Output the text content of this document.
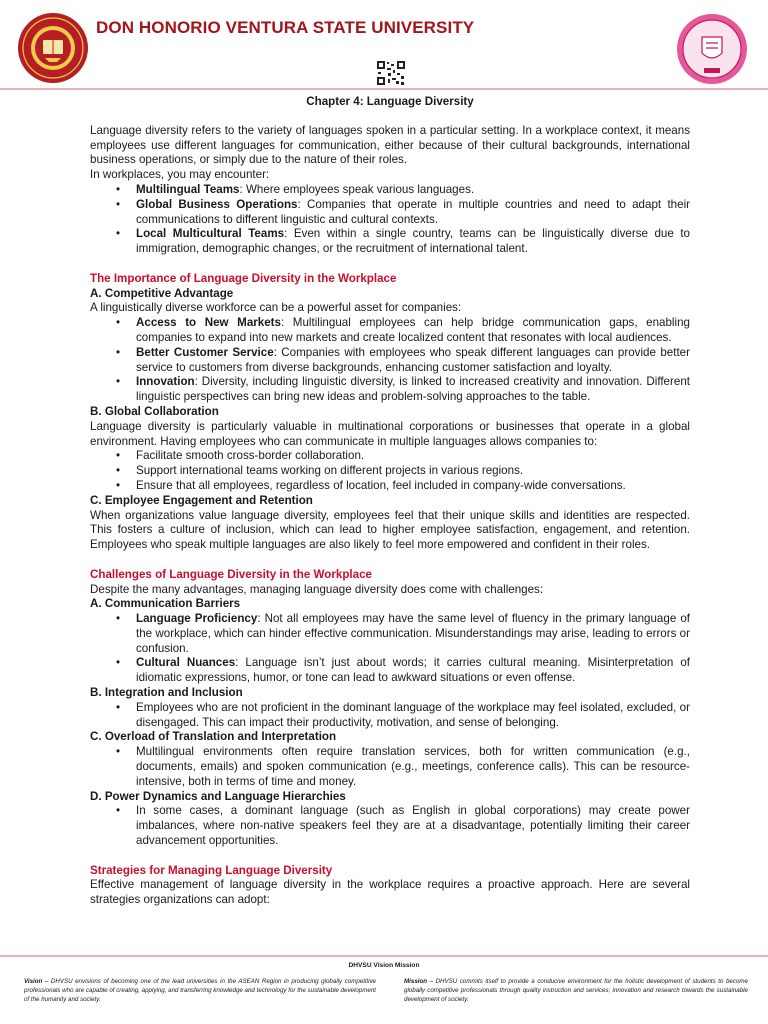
DON HONORIO VENTURA STATE UNIVERSITY
Chapter 4: Language Diversity

Language diversity refers to the variety of languages spoken in a particular setting. In a workplace context, it means employees use different languages for communication, either because of their cultural backgrounds, international business operations, or simply due to the nature of their roles.

In workplaces, you may encounter:

• Multilingual Teams: Where employees speak various languages.
• Global Business Operations: Companies that operate in multiple countries and need to adapt their communications to different linguistic and cultural contexts.
• Local Multicultural Teams: Even within a single country, teams can be linguistically diverse due to immigration, demographic changes, or the recruitment of international talent.

The Importance of Language Diversity in the Workplace

A. Competitive Advantage

A linguistically diverse workforce can be a powerful asset for companies:

• Access to New Markets: Multilingual employees can help bridge communication gaps, enabling companies to expand into new markets and create localized content that resonates with local audiences.
• Better Customer Service: Companies with employees who speak different languages can provide better service to customers from diverse backgrounds, enhancing customer satisfaction and loyalty.
• Innovation: Diversity, including linguistic diversity, is linked to increased creativity and innovation. Different linguistic perspectives can bring new ideas and problem-solving approaches to the table.

B. Global Collaboration

Language diversity is particularly valuable in multinational corporations or businesses that operate in a global environment. Having employees who can communicate in multiple languages allows companies to:

• Facilitate smooth cross-border collaboration.
• Support international teams working on different projects in various regions.
• Ensure that all employees, regardless of location, feel included in company-wide conversations.

C. Employee Engagement and Retention

When organizations value language diversity, employees feel that their unique skills and identities are respected. This fosters a culture of inclusion, which can lead to higher employee satisfaction, engagement, and retention. Employees who speak multiple languages are also likely to feel more empowered and confident in their roles.

Challenges of Language Diversity in the Workplace

Despite the many advantages, managing language diversity does come with challenges:

A. Communication Barriers

• Language Proficiency: Not all employees may have the same level of fluency in the primary language of the workplace, which can hinder effective communication. Misunderstandings may arise, leading to errors or confusion.
• Cultural Nuances: Language isn’t just about words; it carries cultural meaning. Misinterpretation of idiomatic expressions, humor, or tone can lead to awkward situations or even offense.

B. Integration and Inclusion

• Employees who are not proficient in the dominant language of the workplace may feel isolated, excluded, or disengaged. This can impact their productivity, motivation, and sense of belonging.

C. Overload of Translation and Interpretation

• Multilingual environments often require translation services, both for written communication (e.g., documents, emails) and spoken communication (e.g., meetings, conference calls). This can be resource-intensive, both in terms of time and money.

D. Power Dynamics and Language Hierarchies

• In some cases, a dominant language (such as English in global corporations) may create power imbalances, where non-native speakers feel they are at a disadvantage, potentially limiting their career advancement opportunities.

Strategies for Managing Language Diversity

Effective management of language diversity in the workplace requires a proactive approach. Here are several strategies organizations can adopt:

DHVSU Vision Mission
Vision – DHVSU envisions of becoming one of the lead universities in the ASEAN Region in producing globally competitive professionals who are capable of creating, applying, and transferring knowledge and technology for the sustainable development of the humanity and society.
Mission – DHVSU commits itself to provide a conducive environment for the holistic development of students to become globally competitive professionals through quality instruction and services; innovation and research towards the sustainable development of society.
